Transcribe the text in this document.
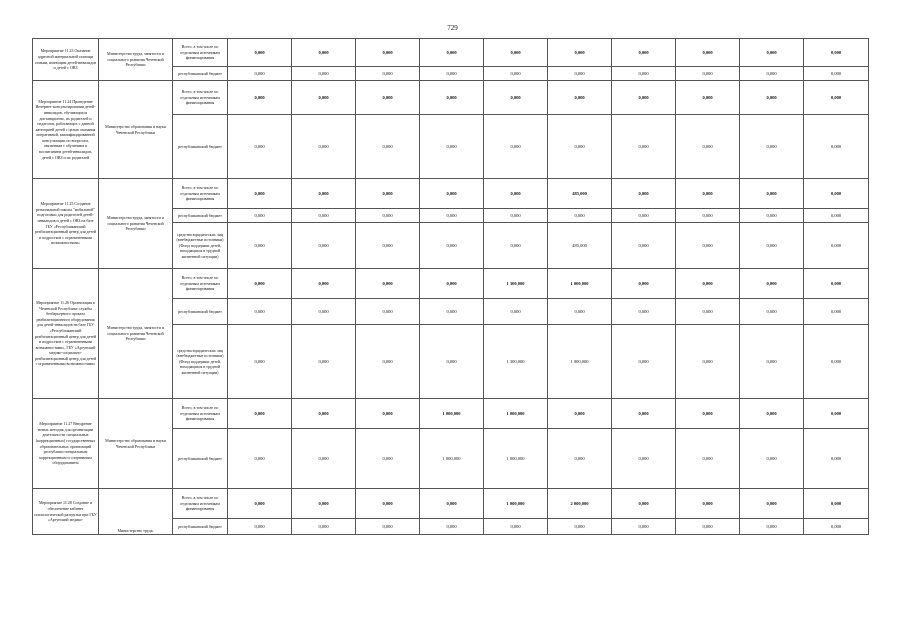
729
Мероприятие 11.23 Оказание адресной материальной помощи семьям, имеющим детей-инвалидов и детей с ОВЗ	Министерство труда, занятости и социального развития Чеченской Республики	Всего, в том числе по отдельным источникам финансирования	0,000	0,000	0,000	0,000	0,000	0,000	0,000	0,000	0,000	0,000
		республиканский бюджет	0,000	0,000	0,000	0,000	0,000	0,000	0,000	0,000	0,000	0,000
Мероприятие 11.24 Проведение Интернет-консультирования детей-инвалидов, обучающихся дистанционно, их родителей и педагогов, работающих с данной категорией детей с целью оказания оперативной, квалифицированной консультации по вопросам, связанным с обучением и воспитанием детей-инвалидов, детей с ОВЗ и их родителей	Министерство образования и науки Чеченской Республики	Всего, в том числе по отдельным источникам финансирования	0,000	0,000	0,000	0,000	0,000	0,000	0,000	0,000	0,000	0,000
		республиканский бюджет	0,000	0,000	0,000	0,000	0,000	0,000	0,000	0,000	0,000	0,000
Мероприятие 11.25 Создание региональной школы "мобильной" подготовки для родителей детей-инвалидов и детей с ОВЗ на базе ГБУ «Республиканский реабилитационный центр для детей и подростков с ограниченными возможностями»	Министерство труда, занятости и социального развития Чеченской Республики	Всего, в том числе по отдельным источникам финансирования	0,000	0,000	0,000	0,000	0,000	485,000	0,000	0,000	0,000	0,000
		республиканский бюджет	0,000	0,000	0,000	0,000	0,000	0,000	0,000	0,000	0,000	0,000
		средства юридических лиц (внебюджетные источники) (Фонд поддержки детей, находящихся в трудной жизненной ситуации)	0,000	0,000	0,000	0,000	0,000	485,000	0,000	0,000	0,000	0,000
Мероприятие 11.26 Организация в Чеченской Республике службы безбарьерного проката реабилитационного оборудования для детей-инвалидов на базе ГБУ «Республиканский реабилитационный центр для детей и подростков с ограниченными возможностями», ГБУ «Аргунский медико-социально-реабилитационный центр для детей с ограниченными возможностями»	Министерство труда, занятости и социального развития Чеченской Республики	Всего, в том числе по отдельным источникам финансирования	0,000	0,000	0,000	0,000	1 300,000	1 000,000	0,000	0,000	0,000	0,000
		республиканский бюджет	0,000	0,000	0,000	0,000	0,000	0,000	0,000	0,000	0,000	0,000
		средства юридических лиц (внебюджетные источники) (Фонд поддержки детей, находящихся в трудной жизненной ситуации)	0,000	0,000	0,000	0,000	1 300,000	1 000,000	0,000	0,000	0,000	0,000
Мероприятие 11.27 Внедрение новых методик для организации деятельности специальных (коррекционных) государственных образовательных организаций республики специальным коррекционным и спортивным оборудованием	Министерство образования и науки Чеченской Республики	Всего, в том числе по отдельным источникам финансирования	0,000	0,000	0,000	1 000,000	1 000,000	0,000	0,000	0,000	0,000	0,000
		республиканский бюджет	0,000	0,000	0,000	1 000,000	1 000,000	0,000	0,000	0,000	0,000	0,000
Мероприятие 11.28 Создание и обеспечение кабинет психологической разгрузки при ГБУ «Аргунский медико-	Министерство труда,	Всего, в том числе по отдельным источникам финансирования	0,000	0,000	0,000	0,000	1 000,000	2 000,000	0,000	0,000	0,000	0,000
		республиканский бюджет	0,000	0,000	0,000	0,000	0,000	0,000	0,000	0,000	0,000	0,000
